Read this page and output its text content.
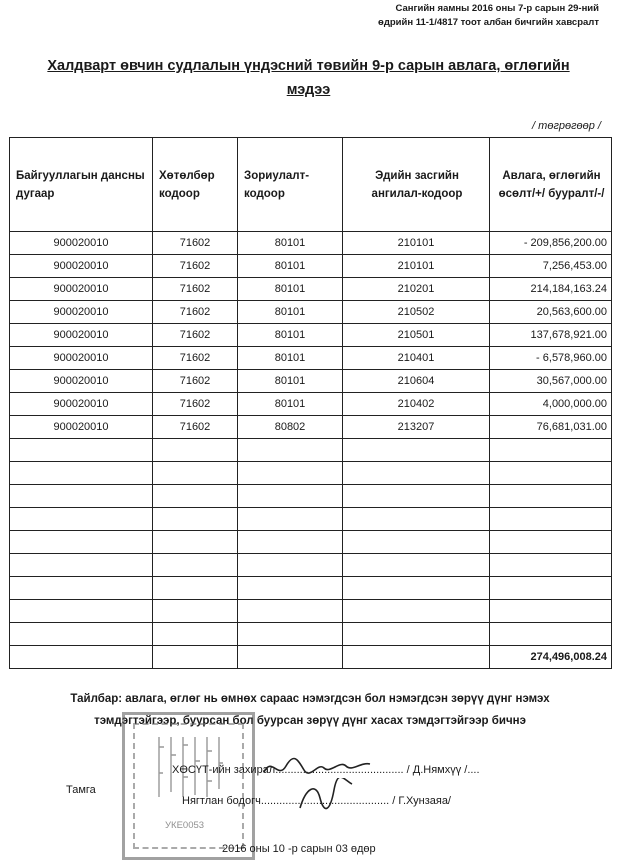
Сангийн яамны 2016 оны 7-р сарын 29-ний
өдрийн 11-1/4817 тоот албан бичгийн хавсралт
Халдварт өвчин судлалын үндэсний төвийн 9-р сарын авлага, өглөгийн
мэдээ
/ төгрөгөөр /
Байгууллагын дансны дугаар	Хөтөлбөр кодоор	Зориулалт-кодоор	Эдийн засгийн ангилал-кодоор	Авлага, өглөгийн өсөлт/+/ бууралт/-/
900020010	71602	80101	210101	- 209,856,200.00
900020010	71602	80101	210101	7,256,453.00
900020010	71602	80101	210201	214,184,163.24
900020010	71602	80101	210502	20,563,600.00
900020010	71602	80101	210501	137,678,921.00
900020010	71602	80101	210401	- 6,578,960.00
900020010	71602	80101	210604	30,567,000.00
900020010	71602	80101	210402	4,000,000.00
900020010	71602	80802	213207	76,681,031.00

				274,496,008.24
Тайлбар: авлага, өглөг нь өмнөх сараас нэмэгдсэн бол нэмэгдсэн зөрүү дүнг нэмэх
тэмдэгтэйгээр, буурсан бол буурсан зөрүү дүнг хасах тэмдэгтэйгээр бичнэ
УКЕ0053
Тамга
ХӨСҮТ-ийн захирал.......................................... / Д.Нямхүү /....
Нягтлан бодогч.......................................... / Г.Хунзаяа/
2016 оны 10 -р сарын 03 өдөр
